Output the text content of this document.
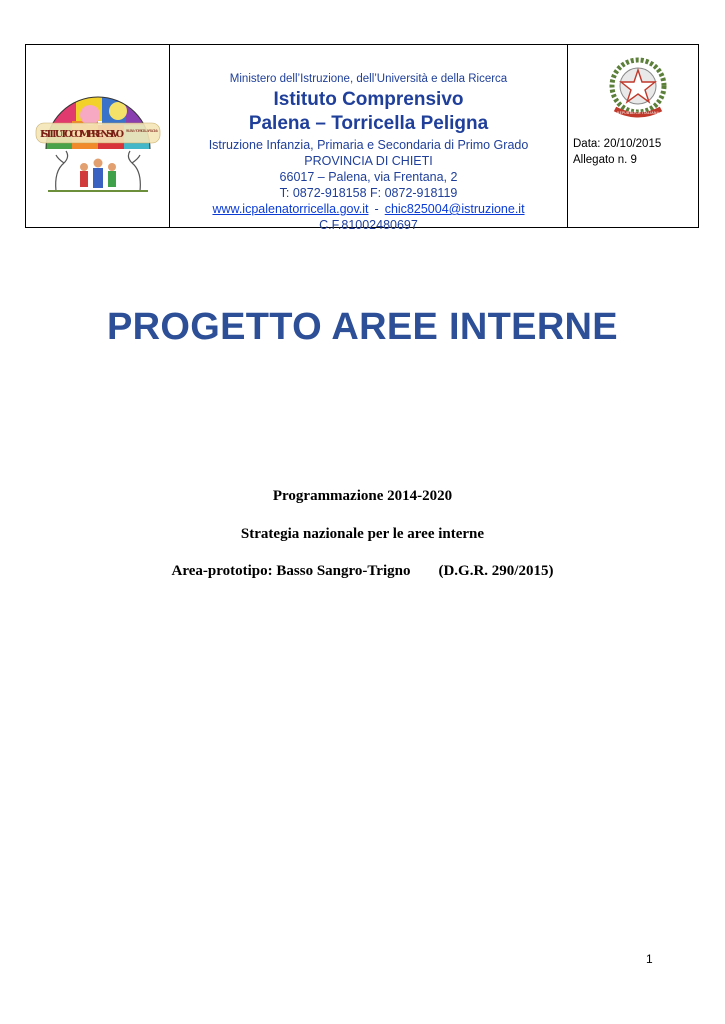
ISTITUTO COMPRENSIVO PALENA · TORRICELLA PELIGNA
Ministero dell’Istruzione, dell’Università e della Ricerca
Istituto Comprensivo
Palena – Torricella Peligna
Istruzione Infanzia, Primaria e Secondaria di Primo Grado
PROVINCIA DI CHIETI
66017 – Palena, via Frentana, 2
T: 0872-918158 F: 0872-918119
www.icpalenatorricella.gov.it - chic825004@istruzione.it
C.F.81002480697
REPUBBLICA ITALIANA
Data: 20/10/2015
Allegato n. 9
PROGETTO AREE INTERNE
Programmazione 2014-2020
Strategia nazionale per le aree interne
Area-prototipo: Basso Sangro-Trigno (D.G.R. 290/2015)
1
